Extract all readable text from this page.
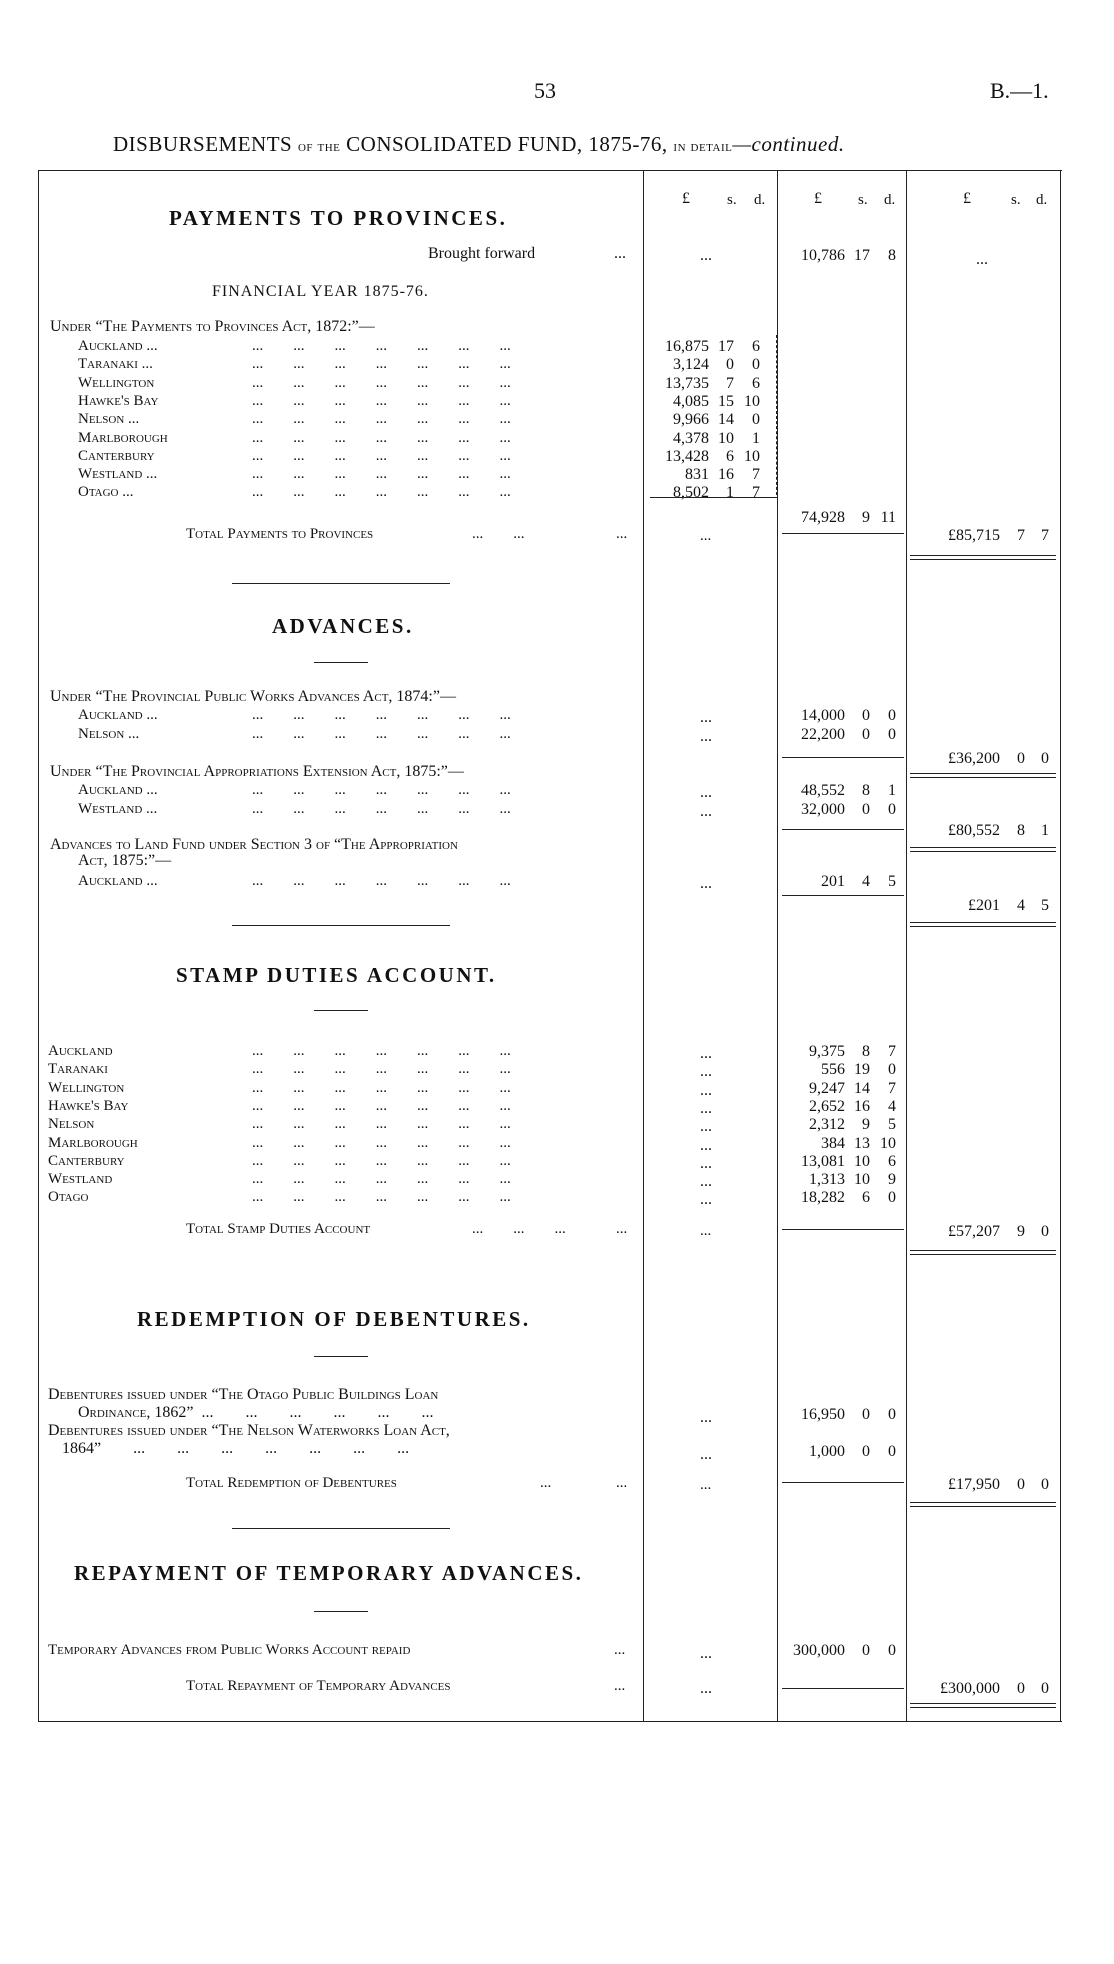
53	B.—1.
DISBURSEMENTS of the CONSOLIDATED FUND, 1875-76, in detail—continued.
£ s. d.	£ s. d.	£	s. d.
PAYMENTS TO PROVINCES.
Brought forward	...	...	10,786 17	8	...
FINANCIAL YEAR 1875-76.
Under “The Payments to Provinces Act, 1872:”—
Auckland ...	...        ...        ...        ...        ...        ...        ...	16,875 17	6
Taranaki ...	...        ...        ...        ...        ...        ...        ...	3,124	0	0
Wellington	...        ...        ...        ...        ...        ...        ...	13,735	7	6
Hawke's Bay	...        ...        ...        ...        ...        ...        ...	4,085 15 10
Nelson ...	...        ...        ...        ...        ...        ...        ...	9,966 14	0
Marlborough	...        ...        ...        ...        ...        ...        ...	4,378 10	1
Canterbury	...        ...        ...        ...        ...        ...        ...	13,428	6 10
Westland ...	...        ...        ...        ...        ...        ...        ...	831 16	7
Otago ...	...        ...        ...        ...        ...        ...        ...	8,502	1	7
74,928	9 11
Total Payments to Provinces	...        ...	...	...	£85,715	7	7
ADVANCES.
Under “The Provincial Public Works Advances Act, 1874:”—
Auckland ...	...        ...        ...        ...        ...        ...        ...	...	14,000	0	0
Nelson ...	...        ...        ...        ...        ...        ...        ...	...	22,200	0	0
£36,200	0	0
Under “The Provincial Appropriations Extension Act, 1875:”—
Auckland ...	...        ...        ...        ...        ...        ...        ...	...	48,552	8	1
Westland ...	...        ...        ...        ...        ...        ...        ...	...	32,000	0	0
£80,552	8	1
Advances to Land Fund under Section 3 of “The Appropriation
Act, 1875:”—
Auckland ...	...        ...        ...        ...        ...        ...        ...	...	201	4	5
£201	4	5
STAMP DUTIES ACCOUNT.
Auckland	...        ...        ...        ...        ...        ...        ...	...	9,375	8	7
Taranaki	...        ...        ...        ...        ...        ...        ...	...	556 19	0
Wellington	...        ...        ...        ...        ...        ...        ...	...	9,247 14	7
Hawke's Bay	...        ...        ...        ...        ...        ...        ...	...	2,652 16	4
Nelson	...        ...        ...        ...        ...        ...        ...	...	2,312	9	5
Marlborough	...        ...        ...        ...        ...        ...        ...	...	384 13 10
Canterbury	...        ...        ...        ...        ...        ...        ...	...	13,081 10	6
Westland	...        ...        ...        ...        ...        ...        ...	...	1,313 10	9
Otago	...        ...        ...        ...        ...        ...        ...	...	18,282	6	0
Total Stamp Duties Account	...        ...        ...	...	...	£57,207	9	0
REDEMPTION OF DEBENTURES.
Debentures issued under “The Otago Public Buildings Loan
Ordinance, 1862”  ...        ...        ...        ...        ...        ...	...	16,950	0	0
Debentures issued under “The Nelson Waterworks Loan Act,
1864”        ...        ...        ...        ...        ...        ...        ...	...	1,000	0	0
Total Redemption of Debentures	...	...	...	£17,950	0	0
REPAYMENT OF TEMPORARY ADVANCES.
Temporary Advances from Public Works Account repaid	...	...	300,000	0	0
Total Repayment of Temporary Advances	...	...	£300,000	0	0
